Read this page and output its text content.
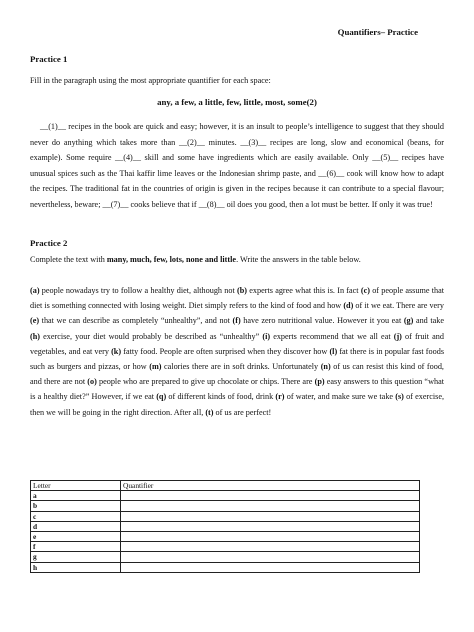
Quantifiers– Practice
Practice 1
Fill in the paragraph using the most appropriate quantifier for each space:
any, a few, a little, few, little, most, some(2)

__(1)__ recipes in the book are quick and easy; however, it is an insult to people’s intelligence to suggest that they should never do anything which takes more than __(2)__ minutes. __(3)__ recipes are long, slow and economical (beans, for example). Some require __(4)__ skill and some have ingredients which are easily available. Only __(5)__ recipes have unusual spices such as the Thai kaffir lime leaves or the Indonesian shrimp paste, and __(6)__ cook will know how to adapt the recipes. The traditional fat in the countries of origin is given in the recipes because it can contribute to a special flavour; nevertheless, beware; __(7)__ cooks believe that if __(8)__ oil does you good, then a lot must be better. If only it was true!

Practice 2

Complete the text with many, much, few, lots, none and little. Write the answers in the table below.

(a) people nowadays try to follow a healthy diet, although not (b) experts agree what this is. In fact (c) of people assume that diet is something connected with losing weight. Diet simply refers to the kind of food and how (d) of it we eat. There are very (e) that we can describe as completely “unhealthy”, and not (f) have zero nutritional value. However it you eat (g) and take (h) exercise, your diet would probably be described as “unhealthy” (i) experts recommend that we all eat (j) of fruit and vegetables, and eat very (k) fatty food. People are often surprised when they discover how (l) fat there is in popular fast foods such as burgers and pizzas, or how (m) calories there are in soft drinks. Unfortunately (n) of us can resist this kind of food, and there are not (o) people who are prepared to give up chocolate or chips. There are (p) easy answers to this question “what is a healthy diet?” However, if we eat (q) of different kinds of food, drink (r) of water, and make sure we take (s) of exercise, then we will be going in the right direction. After all, (t) of us are perfect!

Letter	Quantifier
a	
b	
c	
d	
e	
f	
g	
h	
